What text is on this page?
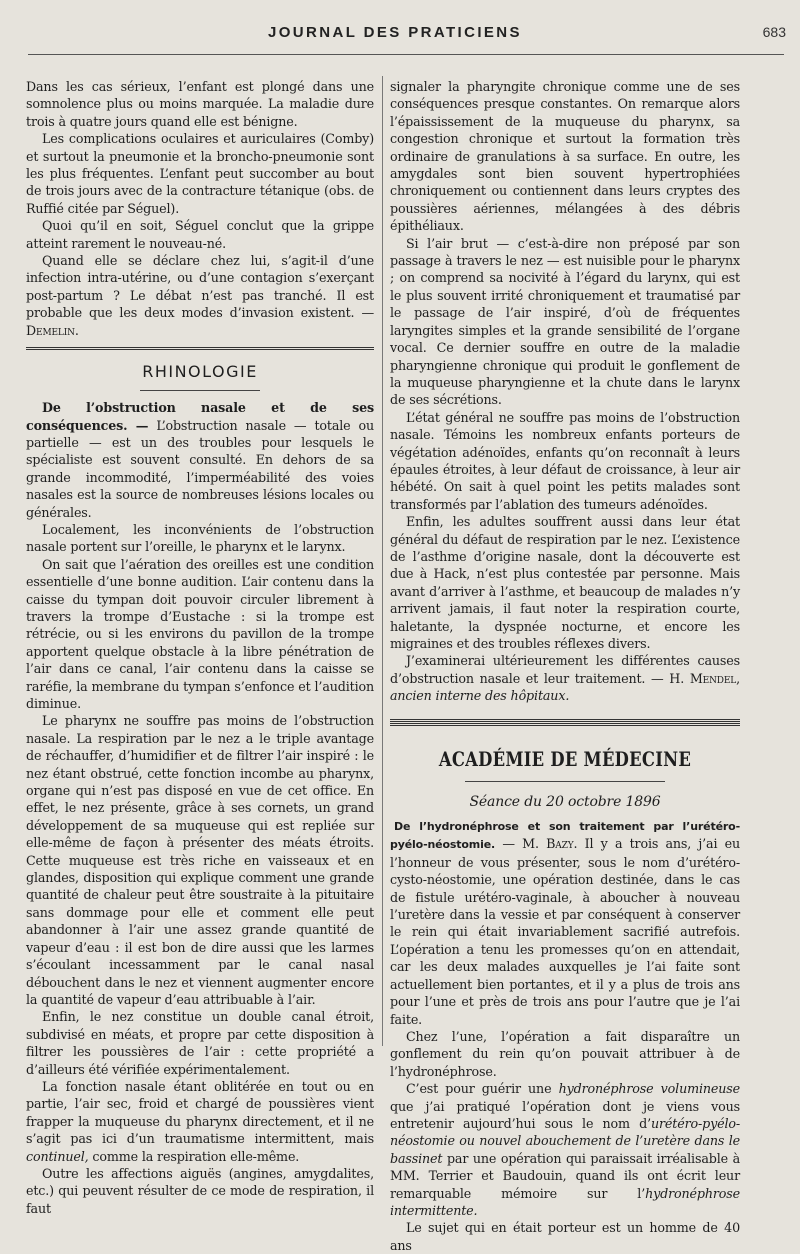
JOURNAL DES PRATICIENS	683

Dans les cas sérieux, l’enfant est plongé dans une somnolence plus ou moins marquée. La maladie dure trois à quatre jours quand elle est bénigne.

Les complications oculaires et auriculaires (Comby) et surtout la pneumonie et la broncho-pneumonie sont les plus fréquentes. L’enfant peut succomber au bout de trois jours avec de la contracture tétanique (obs. de Ruffié citée par Séguel).

Quoi qu’il en soit, Séguel conclut que la grippe atteint rarement le nouveau-né.

Quand elle se déclare chez lui, s’agit-il d’une infection intra-utérine, ou d’une contagion s’exerçant post-partum ? Le débat n’est pas tranché. Il est probable que les deux modes d’invasion existent. — Demelin.

RHINOLOGIE

De l’obstruction nasale et de ses conséquences. — L’obstruction nasale — totale ou partielle — est un des troubles pour lesquels le spécialiste est souvent consulté. En dehors de sa grande incommodité, l’imperméabilité des voies nasales est la source de nombreuses lésions locales ou générales.

Localement, les inconvénients de l’obstruction nasale portent sur l’oreille, le pharynx et le larynx.

On sait que l’aération des oreilles est une condition essentielle d’une bonne audition. L’air contenu dans la caisse du tympan doit pouvoir circuler librement à travers la trompe d’Eustache : si la trompe est rétrécie, ou si les environs du pavillon de la trompe apportent quelque obstacle à la libre pénétration de l’air dans ce canal, l’air contenu dans la caisse se raréfie, la membrane du tympan s’enfonce et l’audition diminue.

Le pharynx ne souffre pas moins de l’obstruction nasale. La respiration par le nez a le triple avantage de réchauffer, d’humidifier et de filtrer l’air inspiré : le nez étant obstrué, cette fonction incombe au pharynx, organe qui n’est pas disposé en vue de cet office. En effet, le nez présente, grâce à ses cornets, un grand développement de sa muqueuse qui est repliée sur elle-même de façon à présenter des méats étroits. Cette muqueuse est très riche en vaisseaux et en glandes, disposition qui explique comment une grande quantité de chaleur peut être soustraite à la pituitaire sans dommage pour elle et comment elle peut abandonner à l’air une assez grande quantité de vapeur d’eau : il est bon de dire aussi que les larmes s’écoulant incessamment par le canal nasal débouchent dans le nez et viennent augmenter encore la quantité de vapeur d’eau attribuable à l’air.

Enfin, le nez constitue un double canal étroit, subdivisé en méats, et propre par cette disposition à filtrer les poussières de l’air : cette propriété a d’ailleurs été vérifiée expérimentalement.

La fonction nasale étant oblitérée en tout ou en partie, l’air sec, froid et chargé de poussières vient frapper la muqueuse du pharynx directement, et il ne s’agit pas ici d’un traumatisme intermittent, mais continuel, comme la respiration elle-même.

Outre les affections aiguës (angines, amygdalites, etc.) qui peuvent résulter de ce mode de respiration, il faut

signaler la pharyngite chronique comme une de ses conséquences presque constantes. On remarque alors l’épaississement de la muqueuse du pharynx, sa congestion chronique et surtout la formation très ordinaire de granulations à sa surface. En outre, les amygdales sont bien souvent hypertrophiées chroniquement ou contiennent dans leurs cryptes des poussières aériennes, mélangées à des débris épithéliaux.

Si l’air brut — c’est-à-dire non préposé par son passage à travers le nez — est nuisible pour le pharynx ; on comprend sa nocivité à l’égard du larynx, qui est le plus souvent irrité chroniquement et traumatisé par le passage de l’air inspiré, d’où de fréquentes laryngites simples et la grande sensibilité de l’organe vocal. Ce dernier souffre en outre de la maladie pharyngienne chronique qui produit le gonflement de la muqueuse pharyngienne et la chute dans le larynx de ses sécrétions.

L’état général ne souffre pas moins de l’obstruction nasale. Témoins les nombreux enfants porteurs de végétation adénoïdes, enfants qu’on reconnaît à leurs épaules étroites, à leur défaut de croissance, à leur air hébété. On sait à quel point les petits malades sont transformés par l’ablation des tumeurs adénoïdes.

Enfin, les adultes souffrent aussi dans leur état général du défaut de respiration par le nez. L’existence de l’asthme d’origine nasale, dont la découverte est due à Hack, n’est plus contestée par personne. Mais avant d’arriver à l’asthme, et beaucoup de malades n’y arrivent jamais, il faut noter la respiration courte, haletante, la dyspnée nocturne, et encore les migraines et des troubles réflexes divers.

J’examinerai ultérieurement les différentes causes d’obstruction nasale et leur traitement. — H. Mendel, ancien interne des hôpitaux.

ACADÉMIE DE MÉDECINE
Séance du 20 octobre 1896

De l’hydronéphrose et son traitement par l’urétéro-pyélo-néostomie. — M. Bazy. Il y a trois ans, j’ai eu l’honneur de vous présenter, sous le nom d’urétéro-cysto-néostomie, une opération destinée, dans le cas de fistule urétéro-vaginale, à aboucher à nouveau l’uretère dans la vessie et par conséquent à conserver le rein qui était invariablement sacrifié autrefois. L’opération a tenu les promesses qu’on en attendait, car les deux malades auxquelles je l’ai faite sont actuellement bien portantes, et il y a plus de trois ans pour l’une et près de trois ans pour l’autre que je l’ai faite.

Chez l’une, l’opération a fait disparaître un gonflement du rein qu’on pouvait attribuer à de l’hydronéphrose.

C’est pour guérir une hydronéphrose volumineuse que j’ai pratiqué l’opération dont je viens vous entretenir aujourd’hui sous le nom d’urétéro-pyélo-néostomie ou nouvel abouchement de l’uretère dans le bassinet par une opération qui paraissait irréalisable à MM. Terrier et Baudouin, quand ils ont écrit leur remarquable mémoire sur l’hydronéphrose intermittente.

Le sujet qui en était porteur est un homme de 40 ans
